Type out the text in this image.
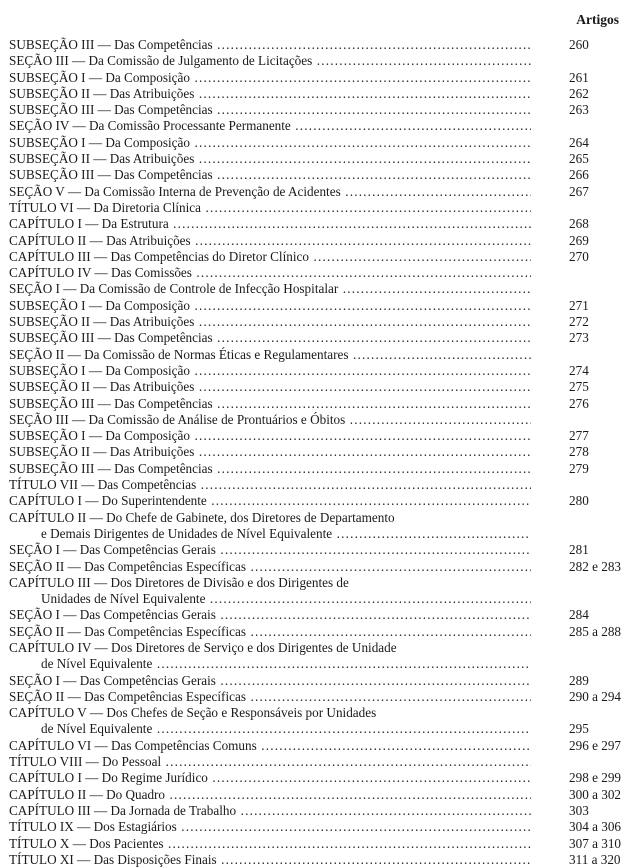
Artigos
SUBSEÇÃO III — Das Competências .....	260
SEÇÃO III — Da Comissão de Julgamento de Licitações .....
SUBSEÇÃO I — Da Composição .....	261
SUBSEÇÃO II — Das Atribuições .....	262
SUBSEÇÃO III — Das Competências .....	263
SEÇÃO IV — Da Comissão Processante Permanente .....
SUBSEÇÃO I — Da Composição .....	264
SUBSEÇÃO II — Das Atribuições .....	265
SUBSEÇÃO III — Das Competências .....	266
SEÇÃO V — Da Comissão Interna de Prevenção de Acidentes .....	267
TÍTULO VI — Da Diretoria Clínica .....
CAPÍTULO I — Da Estrutura .....	268
CAPÍTULO II — Das Atribuições .....	269
CAPÍTULO III — Das Competências do Diretor Clínico .....	270
CAPÍTULO IV — Das Comissões .....
SEÇÃO I — Da Comissão de Controle de Infecção Hospitalar .....
SUBSEÇÃO I — Da Composição .....	271
SUBSEÇÃO II — Das Atribuições .....	272
SUBSEÇÃO III — Das Competências .....	273
SEÇÃO II — Da Comissão de Normas Éticas e Regulamentares .....
SUBSEÇÃO I — Da Composição .....	274
SUBSEÇÃO II — Das Atribuições .....	275
SUBSEÇÃO III — Das Competências .....	276
SEÇÃO III — Da Comissão de Análise de Prontuários e Óbitos .....
SUBSEÇÃO I — Da Composição .....	277
SUBSEÇÃO II — Das Atribuições .....	278
SUBSEÇÃO III — Das Competências .....	279
TÍTULO VII — Das Competências .....
CAPÍTULO I — Do Superintendente .....	280
CAPÍTULO II — Do Chefe de Gabinete, dos Diretores de Departamento
e Demais Dirigentes de Unidades de Nível Equivalente .....
SEÇÃO I — Das Competências Gerais .....	281
SEÇÃO II — Das Competências Específicas .....	282 e 283
CAPÍTULO III — Dos Diretores de Divisão e dos Dirigentes de
Unidades de Nível Equivalente .....
SEÇÃO I — Das Competências Gerais .....	284
SEÇÃO II — Das Competências Específicas .....	285 a 288
CAPÍTULO IV — Dos Diretores de Serviço e dos Dirigentes de Unidade
de Nível Equivalente .....
SEÇÃO I — Das Competências Gerais .....	289
SEÇÃO II — Das Competências Específicas .....	290 a 294
CAPÍTULO V — Dos Chefes de Seção e Responsáveis por Unidades
de Nível Equivalente .....	295
CAPÍTULO VI — Das Competências Comuns .....	296 e 297
TÍTULO VIII — Do Pessoal .....
CAPÍTULO I — Do Regime Jurídico .....	298 e 299
CAPÍTULO II — Do Quadro .....	300 a 302
CAPÍTULO III — Da Jornada de Trabalho .....	303
TÍTULO IX — Dos Estagiários .....	304 a 306
TÍTULO X — Dos Pacientes .....	307 a 310
TÍTULO XI — Das Disposições Finais .....	311 a 320
